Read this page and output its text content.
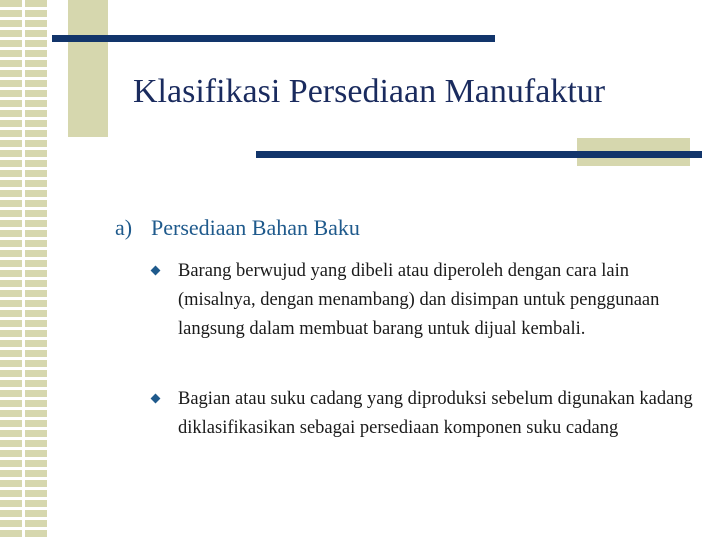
Klasifikasi Persediaan Manufaktur
a) Persediaan Bahan Baku
Barang berwujud yang dibeli atau diperoleh dengan cara lain (misalnya, dengan menambang) dan disimpan untuk penggunaan langsung dalam membuat barang untuk dijual kembali.
Bagian atau suku cadang yang diproduksi sebelum digunakan kadang diklasifikasikan sebagai persediaan komponen suku cadang
